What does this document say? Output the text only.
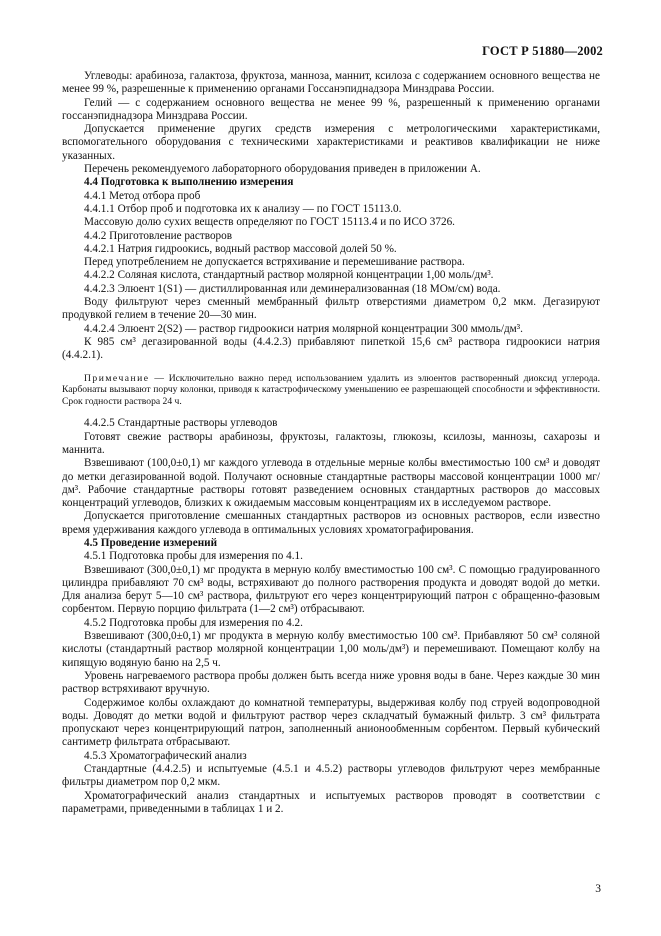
ГОСТ Р 51880—2002

Углеводы: арабиноза, галактоза, фруктоза, манноза, маннит, ксилоза с содержанием основного вещества не менее 99 %, разрешенные к применению органами Госсанэпиднадзора Минздрава России.

Гелий — с содержанием основного вещества не менее 99 %, разрешенный к применению органами госсанэпиднадзора Минздрава России.

Допускается применение других средств измерения с метрологическими характеристиками, вспомогательного оборудования с техническими характеристиками и реактивов квалификации не ниже указанных.

Перечень рекомендуемого лабораторного оборудования приведен в приложении А.

4.4 Подготовка к выполнению измерения

4.4.1 Метод отбора проб

4.4.1.1 Отбор проб и подготовка их к анализу — по ГОСТ 15113.0.

Массовую долю сухих веществ определяют по ГОСТ 15113.4 и по ИСО 3726.

4.4.2 Приготовление растворов

4.4.2.1 Натрия гидроокись, водный раствор массовой долей 50 %.

Перед употреблением не допускается встряхивание и перемешивание раствора.

4.4.2.2 Соляная кислота, стандартный раствор молярной концентрации 1,00 моль/дм³.

4.4.2.3 Элюент 1(S1) — дистиллированная или деминерализованная (18 МОм/см) вода.

Воду фильтруют через сменный мембранный фильтр отверстиями диаметром 0,2 мкм. Дегазируют продувкой гелием в течение 20—30 мин.

4.4.2.4 Элюент 2(S2) — раствор гидроокиси натрия молярной концентрации 300 ммоль/дм³.

К 985 см³ дегазированной воды (4.4.2.3) прибавляют пипеткой 15,6 см³ раствора гидроокиси натрия (4.4.2.1).

Примечание — Исключительно важно перед использованием удалить из элюентов растворенный диоксид углерода. Карбонаты вызывают порчу колонки, приводя к катастрофическому уменьшению ее разрешающей способности и эффективности. Срок годности раствора 24 ч.

4.4.2.5 Стандартные растворы углеводов

Готовят свежие растворы арабинозы, фруктозы, галактозы, глюкозы, ксилозы, маннозы, сахарозы и маннита.

Взвешивают (100,0±0,1) мг каждого углевода в отдельные мерные колбы вместимостью 100 см³ и доводят до метки дегазированной водой. Получают основные стандартные растворы массовой концентрации 1000 мг/дм³. Рабочие стандартные растворы готовят разведением основных стандартных растворов до массовых концентраций углеводов, близких к ожидаемым массовым концентрациям их в исследуемом растворе.

Допускается приготовление смешанных стандартных растворов из основных растворов, если известно время удерживания каждого углевода в оптимальных условиях хроматографирования.

4.5 Проведение измерений

4.5.1 Подготовка пробы для измерения по 4.1.

Взвешивают (300,0±0,1) мг продукта в мерную колбу вместимостью 100 см³. С помощью градуированного цилиндра прибавляют 70 см³ воды, встряхивают до полного растворения продукта и доводят водой до метки. Для анализа берут 5—10 см³ раствора, фильтруют его через концентрирующий патрон с обращенно-фазовым сорбентом. Первую порцию фильтрата (1—2 см³) отбрасывают.

4.5.2 Подготовка пробы для измерения по 4.2.

Взвешивают (300,0±0,1) мг продукта в мерную колбу вместимостью 100 см³. Прибавляют 50 см³ соляной кислоты (стандартный раствор молярной концентрации 1,00 моль/дм³) и перемешивают. Помещают колбу на кипящую водяную баню на 2,5 ч.

Уровень нагреваемого раствора пробы должен быть всегда ниже уровня воды в бане. Через каждые 30 мин раствор встряхивают вручную.

Содержимое колбы охлаждают до комнатной температуры, выдерживая колбу под струей водопроводной воды. Доводят до метки водой и фильтруют раствор через складчатый бумажный фильтр. 3 см³ фильтрата пропускают через концентрирующий патрон, заполненный анионообменным сорбентом. Первый кубический сантиметр фильтрата отбрасывают.

4.5.3 Хроматографический анализ

Стандартные (4.4.2.5) и испытуемые (4.5.1 и 4.5.2) растворы углеводов фильтруют через мембранные фильтры диаметром пор 0,2 мкм.

Хроматографический анализ стандартных и испытуемых растворов проводят в соответствии с параметрами, приведенными в таблицах 1 и 2.

3
